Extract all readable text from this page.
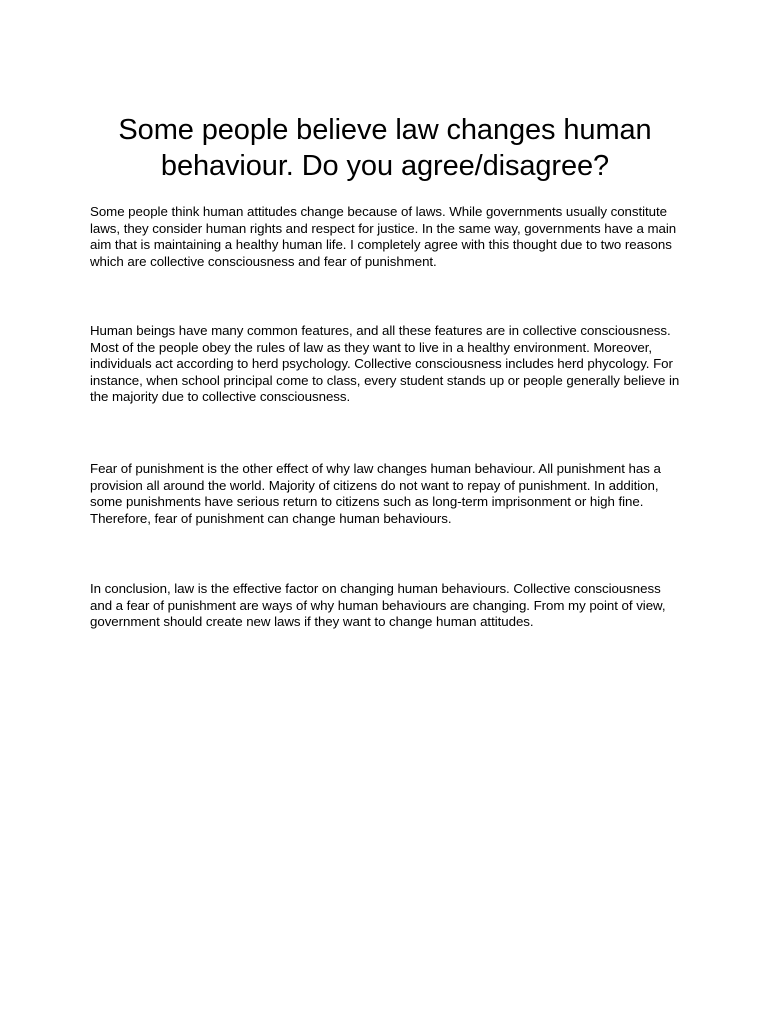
Some people believe law changes human behaviour. Do you agree/disagree?

Some people think human attitudes change because of laws. While governments usually constitute laws, they consider human rights and respect for justice. In the same way, governments have a main aim that is maintaining a healthy human life. I completely agree with this thought due to two reasons which are collective consciousness and fear of punishment.

Human beings have many common features, and all these features are in collective consciousness. Most of the people obey the rules of law as they want to live in a healthy environment. Moreover, individuals act according to herd psychology. Collective consciousness includes herd phycology. For instance, when school principal come to class, every student stands up or people generally believe in the majority due to collective consciousness.

Fear of punishment is the other effect of why law changes human behaviour. All punishment has a provision all around the world. Majority of citizens do not want to repay of punishment. In addition, some punishments have serious return to citizens such as long-term imprisonment or high fine. Therefore, fear of punishment can change human behaviours.

In conclusion, law is the effective factor on changing human behaviours. Collective consciousness and a fear of punishment are ways of why human behaviours are changing. From my point of view, government should create new laws if they want to change human attitudes.
